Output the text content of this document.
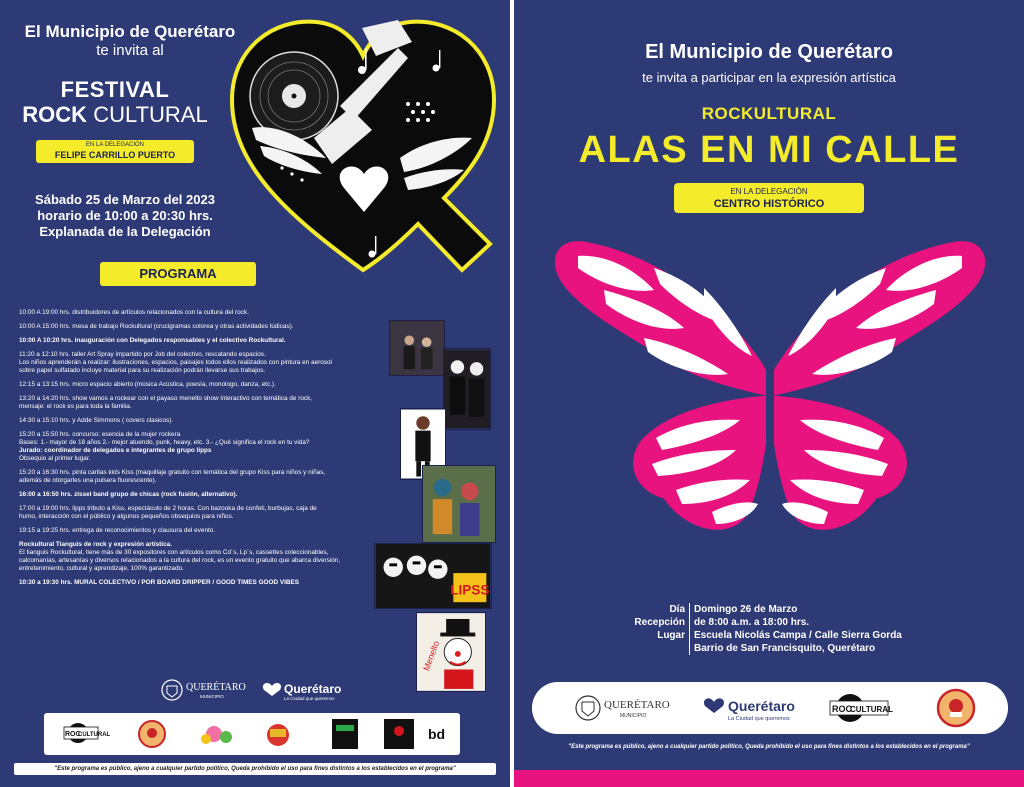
El Municipio de Querétaro
te invita al
FESTIVAL
ROCK CULTURAL
EN LA DELEGACIÓN
FELIPE CARRILLO PUERTO
Sábado 25 de Marzo del 2023
horario de 10:00 a 20:30 hrs.
Explanada de la Delegación
PROGRAMA

10:00 A 19:00 hrs. distribuidores de artículos relacionados con la cultura del rock.

10:00 A 15:00 hrs. mesa de trabajo Rockultural (crucigramas colorea y otras actividades lúdicas).

10:00 A 10:20 hrs. inauguración con Delegados responsables y el colectivo Rockultural.

11:20 a 12:10 hrs. taller Art Spray impartido por Job del colectivo, rescatando espacios.
Los niños aprenderán a realizar: ilustraciones, espacios, paisajes todos ellos realizados con pintura en aerosol
sobre papel sulfatado incluye material para su realización podrán llevarse sus trabajos.

12:15 a 13:15 hrs. micro espacio abierto (música Acústica, poesía, monologo, danza, etc.).

13:20 a 14:20 hrs. show vamos a rockear con el payaso menelto show interactivo con temática de rock,
mensaje: el rock es para toda la familia.

14:30 a 15:10 hrs. y Adde Simmons ( covers clasicos).

15:20 a 15:50 hrs. concurso: esencia de la mujer rockera
Bases: 1.- mayor de 18 años 2.- mejor atuendo, punk, heavy, etc. 3.- ¿Qué significa el rock en tu vida?

Jurado: coordinador de delegados e integrantes de grupo lipps

Obsequio al primer lugar.

15:20 a 16:30 hrs. pinta caritas kids Kiss (maquillaje gratuito con temática del grupo Kiss para niños y niñas,
además de otorgarles una pulsera fluorescente).

16:00 a 16:50 hrs. zissel band grupo de chicas (rock fusión, alternativo).

17:00 a 19:00 hrs. lipps tributo a Kiss, espectáculo de 2 horas. Con bazooka de confeti, burbujas, caja de
humo, interacción con el público y algunos pequeños obsequios para niños.

19:15 a 19:25 hrs. entrega de reconocimientos y clausura del evento.

Rockultural Tianguis de rock y expresión artística.

El tianguis Rockultural, tiene más de 30 expositores con artículos como Cd´s, Lp´s, cassettes coleccionables,
calcomanías, artesanías y diversos relacionados a la cultura del rock, es un evento gratuito que abarca diversión,
entretenimiento, cultural y aprendizaje, 100% garantizado.

10:30 a 19:30 hrs. MURAL COLECTIVO / POR BOARD DRIPPER / GOOD TIMES GOOD VIBES	LIPSS
Menelto
QUERÉTARO
MUNICIPIO
Querétaro
La Ciudad que queremos
ROC
CULTURAL	bd
"Este programa es público, ajeno a cualquier partido político, Queda prohibido el uso para fines distintos a los establecidos en el programa"
El Municipio de Querétaro
te invita a participar en la expresión artística
ROCKULTURAL
ALAS EN MI CALLE
EN LA DELEGACIÓN
CENTRO HISTÓRICO
Día Domingo 26 de Marzo
Recepción de 8:00 a.m. a 18:00 hrs.
Lugar Escuela Nicolás Campa / Calle Sierra Gorda
Barrio de San Francisquito, Querétaro
QUERÉTARO
MUNICIPIO
Querétaro
La Ciudad que queremos
ROC
CULTURAL
"Este programa es público, ajeno a cualquier partido político, Queda prohibido el uso para fines distintos a los establecidos en el programa"
